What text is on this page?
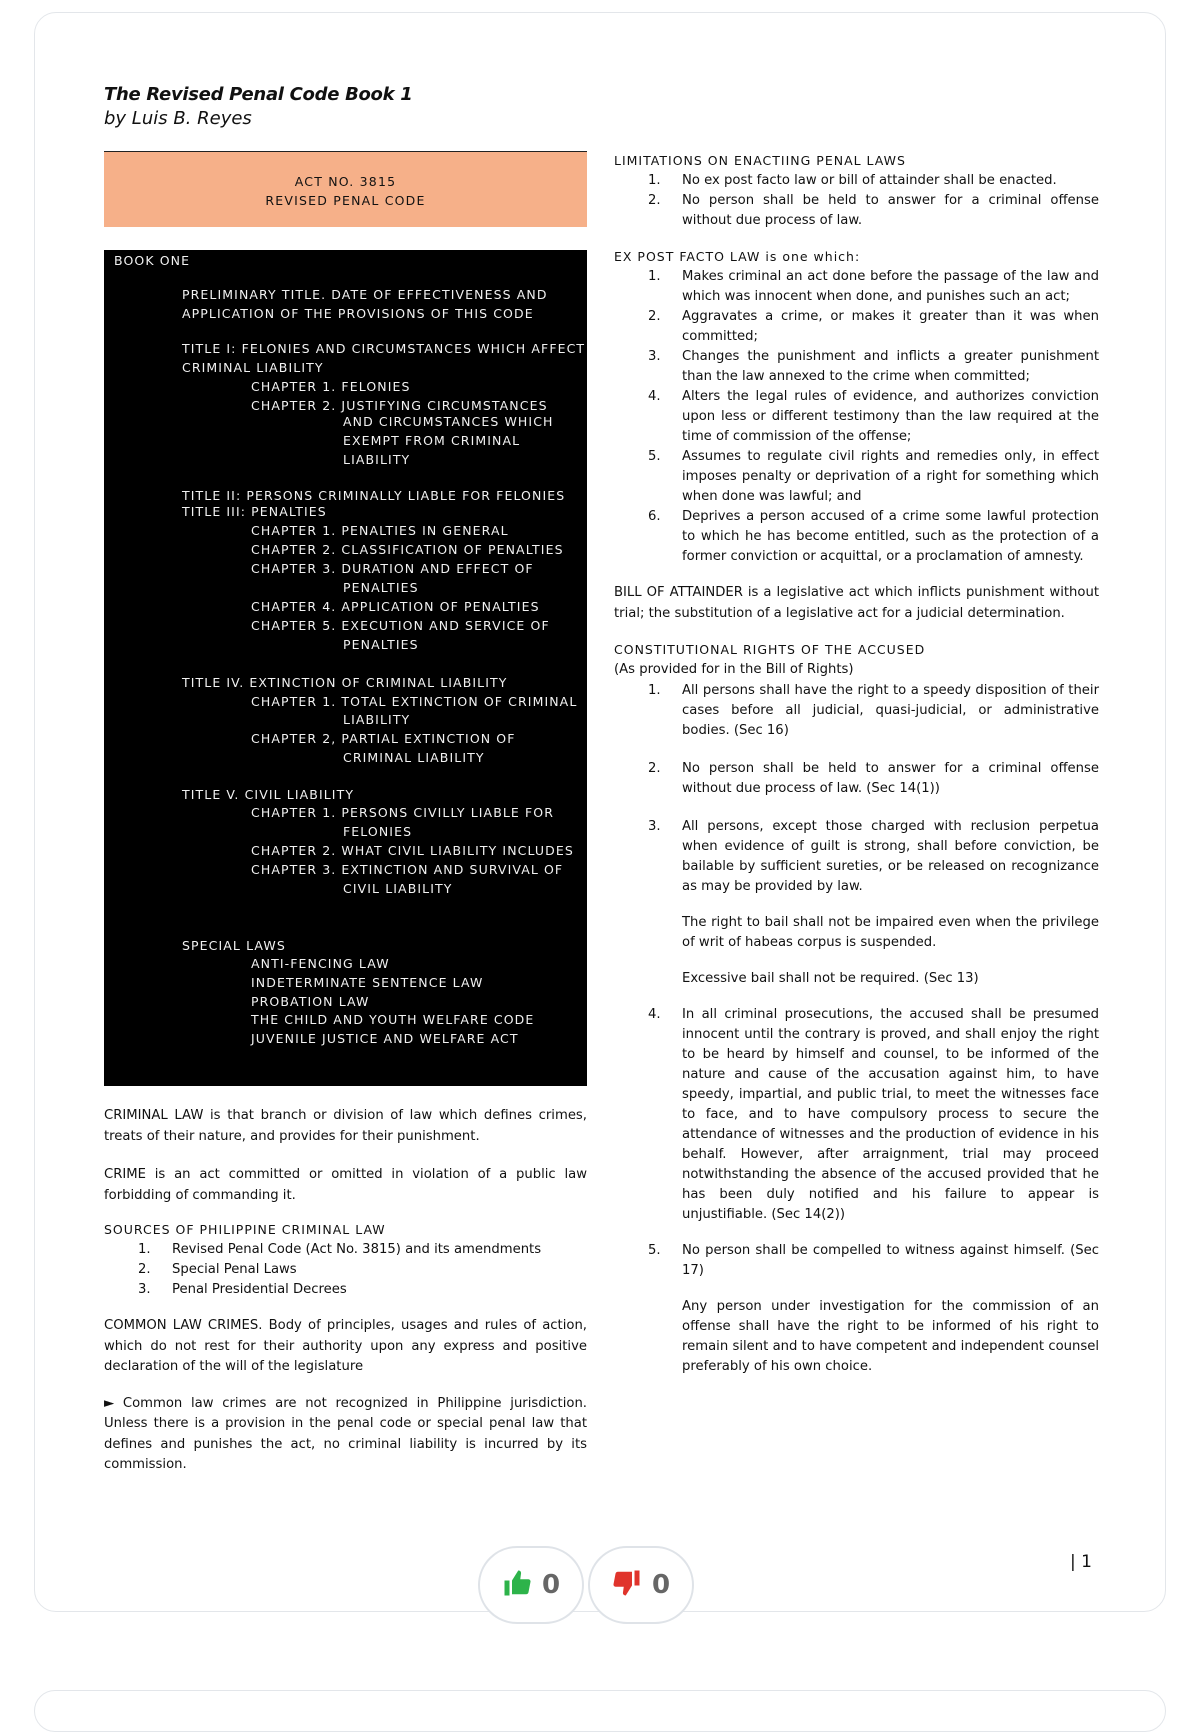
The Revised Penal Code Book 1
by Luis B. Reyes
ACT NO. 3815
REVISED PENAL CODE
BOOK ONE
PRELIMINARY TITLE. DATE OF EFFECTIVENESS AND
APPLICATION OF THE PROVISIONS OF THIS CODE
TITLE I: FELONIES AND CIRCUMSTANCES WHICH AFFECT
CRIMINAL LIABILITY
CHAPTER 1. FELONIES
CHAPTER 2. JUSTIFYING CIRCUMSTANCES
AND CIRCUMSTANCES WHICH
EXEMPT FROM CRIMINAL
LIABILITY
TITLE II: PERSONS CRIMINALLY LIABLE FOR FELONIES
TITLE III: PENALTIES
CHAPTER 1. PENALTIES IN GENERAL
CHAPTER 2. CLASSIFICATION OF PENALTIES
CHAPTER 3. DURATION AND EFFECT OF
PENALTIES
CHAPTER 4. APPLICATION OF PENALTIES
CHAPTER 5. EXECUTION AND SERVICE OF
PENALTIES
TITLE IV. EXTINCTION OF CRIMINAL LIABILITY
CHAPTER 1. TOTAL EXTINCTION OF CRIMINAL
LIABILITY
CHAPTER 2, PARTIAL EXTINCTION OF
CRIMINAL LIABILITY
TITLE V. CIVIL LIABILITY
CHAPTER 1. PERSONS CIVILLY LIABLE FOR
FELONIES
CHAPTER 2. WHAT CIVIL LIABILITY INCLUDES
CHAPTER 3. EXTINCTION AND SURVIVAL OF
CIVIL LIABILITY
SPECIAL LAWS
ANTI-FENCING LAW
INDETERMINATE SENTENCE LAW
PROBATION LAW
THE CHILD AND YOUTH WELFARE CODE
JUVENILE JUSTICE AND WELFARE ACT

CRIMINAL LAW is that branch or division of law which defines crimes, treats of their nature, and provides for their punishment.

CRIME is an act committed or omitted in violation of a public law forbidding of commanding it.

SOURCES OF PHILIPPINE CRIMINAL LAW
1. Revised Penal Code (Act No. 3815) and its amendments
2. Special Penal Laws
3. Penal Presidential Decrees

COMMON LAW CRIMES. Body of principles, usages and rules of action, which do not rest for their authority upon any express and positive declaration of the will of the legislature

► Common law crimes are not recognized in Philippine jurisdiction. Unless there is a provision in the penal code or special penal law that defines and punishes the act, no criminal liability is incurred by its commission.

LIMITATIONS ON ENACTIING PENAL LAWS
1. No ex post facto law or bill of attainder shall be enacted.
2. No person shall be held to answer for a criminal offense without due process of law.
EX POST FACTO LAW is one which:
1. Makes criminal an act done before the passage of the law and which was innocent when done, and punishes such an act;
2. Aggravates a crime, or makes it greater than it was when committed;
3. Changes the punishment and inflicts a greater punishment than the law annexed to the crime when committed;
4. Alters the legal rules of evidence, and authorizes conviction upon less or different testimony than the law required at the time of commission of the offense;
5. Assumes to regulate civil rights and remedies only, in effect imposes penalty or deprivation of a right for something which when done was lawful; and
6. Deprives a person accused of a crime some lawful protection to which he has become entitled, such as the protection of a former conviction or acquittal, or a proclamation of amnesty.

BILL OF ATTAINDER is a legislative act which inflicts punishment without trial; the substitution of a legislative act for a judicial determination.

CONSTITUTIONAL RIGHTS OF THE ACCUSED
(As provided for in the Bill of Rights)
1. All persons shall have the right to a speedy disposition of their cases before all judicial, quasi-judicial, or administrative bodies. (Sec 16)
2. No person shall be held to answer for a criminal offense without due process of law. (Sec 14(1))
3. All persons, except those charged with reclusion perpetua when evidence of guilt is strong, shall before conviction, be bailable by sufficient sureties, or be released on recognizance as may be provided by law.
The right to bail shall not be impaired even when the privilege of writ of habeas corpus is suspended.
Excessive bail shall not be required. (Sec 13)
4. In all criminal prosecutions, the accused shall be presumed innocent until the contrary is proved, and shall enjoy the right to be heard by himself and counsel, to be informed of the nature and cause of the accusation against him, to have speedy, impartial, and public trial, to meet the witnesses face to face, and to have compulsory process to secure the attendance of witnesses and the production of evidence in his behalf. However, after arraignment, trial may proceed notwithstanding the absence of the accused provided that he has been duly notified and his failure to appear is unjustifiable. (Sec 14(2))
5. No person shall be compelled to witness against himself. (Sec 17)
Any person under investigation for the commission of an offense shall have the right to be informed of his right to remain silent and to have competent and independent counsel preferably of his own choice.
0	0
| 1
